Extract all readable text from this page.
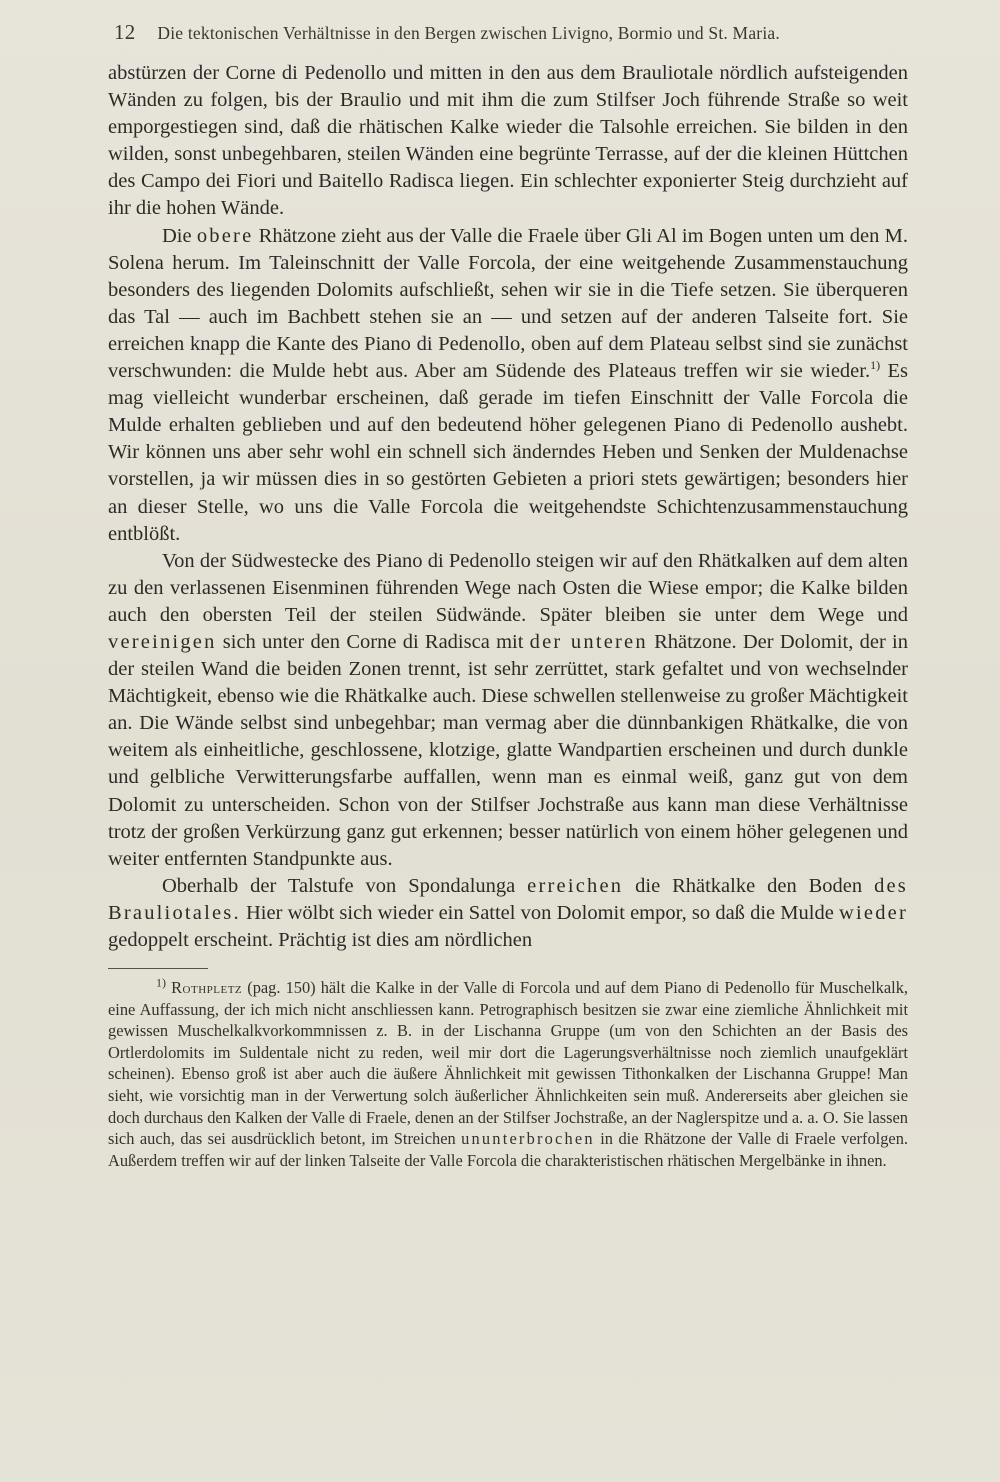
12 Die tektonischen Verhältnisse in den Bergen zwischen Livigno, Bormio und St. Maria.

abstürzen der Corne di Pedenollo und mitten in den aus dem Brauliotale nördlich aufsteigenden Wänden zu folgen, bis der Braulio und mit ihm die zum Stilfser Joch führende Straße so weit emporgestiegen sind, daß die rhätischen Kalke wieder die Talsohle erreichen. Sie bilden in den wilden, sonst unbegehbaren, steilen Wänden eine begrünte Terrasse, auf der die kleinen Hüttchen des Campo dei Fiori und Baitello Radisca liegen. Ein schlechter exponierter Steig durchzieht auf ihr die hohen Wände.

Die obere Rhätzone zieht aus der Valle die Fraele über Gli Al im Bogen unten um den M. Solena herum. Im Taleinschnitt der Valle Forcola, der eine weitgehende Zusammenstauchung besonders des liegenden Dolomits aufschließt, sehen wir sie in die Tiefe setzen. Sie überqueren das Tal — auch im Bachbett stehen sie an — und setzen auf der anderen Talseite fort. Sie erreichen knapp die Kante des Piano di Pedenollo, oben auf dem Plateau selbst sind sie zunächst verschwunden: die Mulde hebt aus. Aber am Südende des Plateaus treffen wir sie wieder.$^{1)}$ Es mag vielleicht wunderbar erscheinen, daß gerade im tiefen Einschnitt der Valle Forcola die Mulde erhalten geblieben und auf den bedeutend höher gelegenen Piano di Pedenollo aushebt. Wir können uns aber sehr wohl ein schnell sich änderndes Heben und Senken der Muldenachse vorstellen, ja wir müssen dies in so gestörten Gebieten a priori stets gewärtigen; besonders hier an dieser Stelle, wo uns die Valle Forcola die weitgehendste Schichtenzusammenstauchung entblößt.

Von der Südwestecke des Piano di Pedenollo steigen wir auf den Rhätkalken auf dem alten zu den verlassenen Eisenminen führenden Wege nach Osten die Wiese empor; die Kalke bilden auch den obersten Teil der steilen Südwände. Später bleiben sie unter dem Wege und vereinigen sich unter den Corne di Radisca mit der unteren Rhätzone. Der Dolomit, der in der steilen Wand die beiden Zonen trennt, ist sehr zerrüttet, stark gefaltet und von wechselnder Mächtigkeit, ebenso wie die Rhätkalke auch. Diese schwellen stellenweise zu großer Mächtigkeit an. Die Wände selbst sind unbegehbar; man vermag aber die dünnbankigen Rhätkalke, die von weitem als einheitliche, geschlossene, klotzige, glatte Wandpartien erscheinen und durch dunkle und gelbliche Verwitterungsfarbe auffallen, wenn man es einmal weiß, ganz gut von dem Dolomit zu unterscheiden. Schon von der Stilfser Jochstraße aus kann man diese Verhältnisse trotz der großen Verkürzung ganz gut erkennen; besser natürlich von einem höher gelegenen und weiter entfernten Standpunkte aus.

Oberhalb der Talstufe von Spondalunga erreichen die Rhätkalke den Boden des Brauliotales. Hier wölbt sich wieder ein Sattel von Dolomit empor, so daß die Mulde wieder gedoppelt erscheint. Prächtig ist dies am nördlichen

$^{1)}$ Rothpletz (pag. 150) hält die Kalke in der Valle di Forcola und auf dem Piano di Pedenollo für Muschelkalk, eine Auffassung, der ich mich nicht anschliessen kann. Petrographisch besitzen sie zwar eine ziemliche Ähnlichkeit mit gewissen Muschelkalkvorkommnissen z. B. in der Lischanna Gruppe (um von den Schichten an der Basis des Ortlerdolomits im Suldentale nicht zu reden, weil mir dort die Lagerungsverhältnisse noch ziemlich unaufgeklärt scheinen). Ebenso groß ist aber auch die äußere Ähnlichkeit mit gewissen Tithonkalken der Lischanna Gruppe! Man sieht, wie vorsichtig man in der Verwertung solch äußerlicher Ähnlichkeiten sein muß. Andererseits aber gleichen sie doch durchaus den Kalken der Valle di Fraele, denen an der Stilfser Jochstraße, an der Naglerspitze und a. a. O. Sie lassen sich auch, das sei ausdrücklich betont, im Streichen ununterbrochen in die Rhätzone der Valle di Fraele verfolgen. Außerdem treffen wir auf der linken Talseite der Valle Forcola die charakteristischen rhätischen Mergelbänke in ihnen.
